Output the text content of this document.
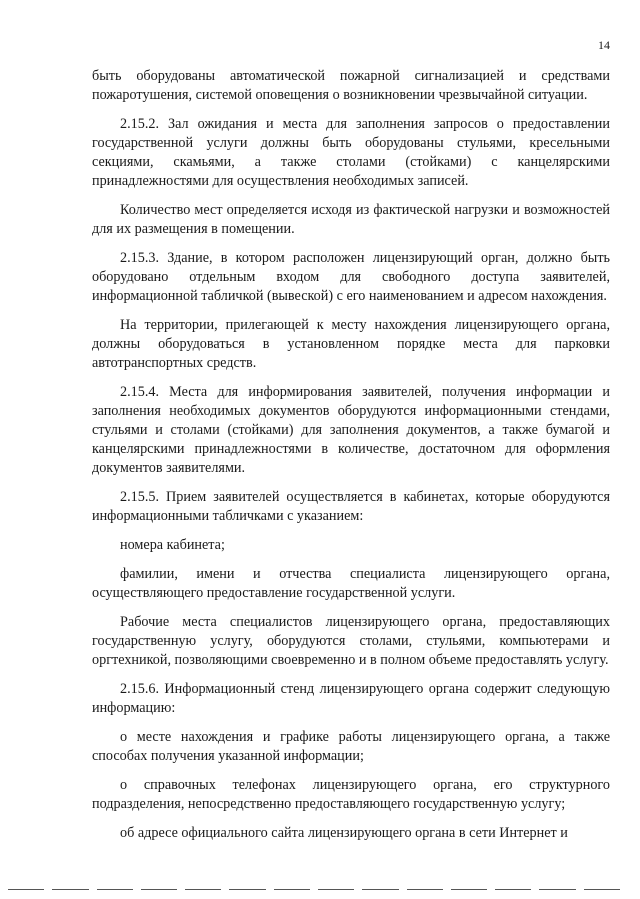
14

быть оборудованы автоматической пожарной сигнализацией и средствами пожаротушения, системой оповещения о возникновении чрезвычайной ситуации.

2.15.2. Зал ожидания и места для заполнения запросов о предоставлении государственной услуги должны быть оборудованы стульями, кресельными секциями, скамьями, а также столами (стойками) с канцелярскими принадлежностями для осуществления необходимых записей.

Количество мест определяется исходя из фактической нагрузки и возможностей для их размещения в помещении.

2.15.3. Здание, в котором расположен лицензирующий орган, должно быть оборудовано отдельным входом для свободного доступа заявителей, информационной табличкой (вывеской) с его наименованием и адресом нахождения.

На территории, прилегающей к месту нахождения лицензирующего органа, должны оборудоваться в установленном порядке места для парковки автотранспортных средств.

2.15.4. Места для информирования заявителей, получения информации и заполнения необходимых документов оборудуются информационными стендами, стульями и столами (стойками) для заполнения документов, а также бумагой и канцелярскими принадлежностями в количестве, достаточном для оформления документов заявителями.

2.15.5. Прием заявителей осуществляется в кабинетах, которые оборудуются информационными табличками с указанием:

номера кабинета;

фамилии, имени и отчества специалиста лицензирующего органа, осуществляющего предоставление государственной услуги.

Рабочие места специалистов лицензирующего органа, предоставляющих государственную услугу, оборудуются столами, стульями, компьютерами и оргтехникой, позволяющими своевременно и в полном объеме предоставлять услугу.

2.15.6. Информационный стенд лицензирующего органа содержит следующую информацию:

о месте нахождения и графике работы лицензирующего органа, а также способах получения указанной информации;

о справочных телефонах лицензирующего органа, его структурного подразделения, непосредственно предоставляющего государственную услугу;

об адресе официального сайта лицензирующего органа в сети Интернет и
